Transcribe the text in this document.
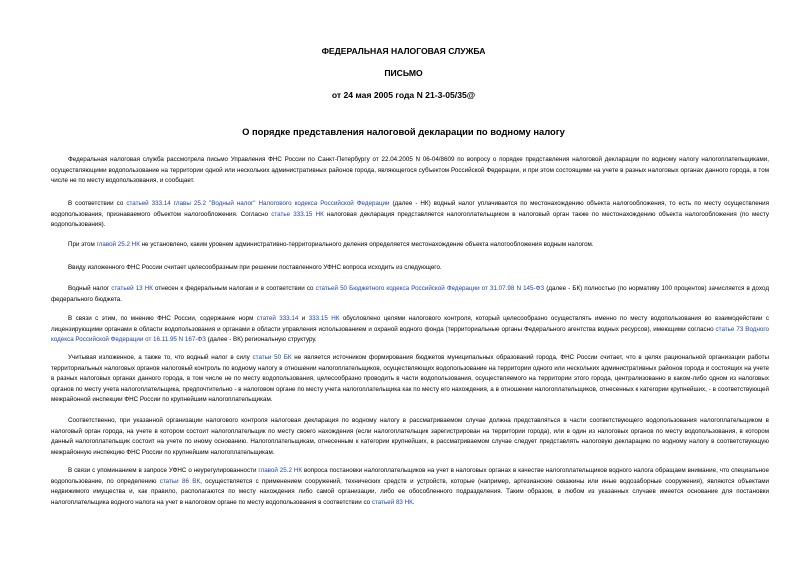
ФЕДЕРАЛЬНАЯ НАЛОГОВАЯ СЛУЖБА
ПИСЬМО
от 24 мая 2005 года N 21-3-05/35@
О порядке представления налоговой декларации по водному налогу
Федеральная налоговая служба рассмотрела письмо Управления ФНС России по Санкт-Петербургу от 22.04.2005 N 06-04/8609 по вопросу о порядке представления налоговой декларации по водному налогу налогоплательщиками, осуществляющими водопользование на территории одной или нескольких административных районов города, являющегося субъектом Российской Федерации, и при этом состоящими на учете в разных налоговых органах данного города, в том числе не по месту водопользования, и сообщает.
В соответствии со статьей 333.14 главы 25.2 "Водный налог" Налогового кодекса Российской Федерации (далее - НК) водный налог уплачивается по местонахождению объекта налогообложения, то есть по месту осуществления водопользования, признаваемого объектом налогообложения. Согласно статье 333.15 НК налоговая декларация представляется налогоплательщиком в налоговый орган также по местонахождению объекта налогообложения (по месту водопользования).
При этом главой 25.2 НК не установлено, каким уровнем административно-территориального деления определяется местонахождение объекта налогообложения водным налогом.
Ввиду изложенного ФНС России считает целесообразным при решении поставленного УФНС вопроса исходить из следующего.
Водный налог статьей 13 НК отнесен к федеральным налогам и в соответствии со статьей 50 Бюджетного кодекса Российской Федерации от 31.07.98 N 145-ФЗ (далее - БК) полностью (по нормативу 100 процентов) зачисляется в доход федерального бюджета.
В связи с этим, по мнению ФНС России, содержание норм статей 333.14 и 333.15 НК обусловлено целями налогового контроля, который целесообразно осуществлять именно по месту водопользования во взаимодействии с лицензирующими органами в области водопользования и органами в области управления использованием и охраной водного фонда (территориальные органы Федерального агентства водных ресурсов), имеющими согласно статье 73 Водного кодекса Российской Федерации от 16.11.95 N 167-ФЗ (далее - ВК) региональную структуру.
Учитывая изложенное, а также то, что водный налог в силу статьи 50 БК не является источником формирования бюджетов муниципальных образований города, ФНС России считает, что в целях рациональной организации работы территориальных налоговых органов налоговый контроль по водному налогу в отношении налогоплательщиков, осуществляющих водопользование на территории одного или нескольких административных районов города и состоящих на учете в разных налоговых органах данного города, в том числе не по месту водопользования, целесообразно проводить в части водопользования, осуществляемого на территории этого города, централизованно в каком-либо одном из налоговых органов по месту учета налогоплательщика, предпочтительно - в налоговом органе по месту учета налогоплательщика как по месту его нахождения, а в отношении налогоплательщиков, отнесенных к категории крупнейших, - в соответствующей межрайонной инспекции ФНС России по крупнейшим налогоплательщикам.
Соответственно, при указанной организации налогового контроля налоговая декларация по водному налогу в рассматриваемом случае должна представляться в части соответствующего водопользования налогоплательщиком в налоговый орган города, на учете в котором состоит налогоплательщик по месту своего нахождения (если налогоплательщик зарегистрирован на территории города), или в один из налоговых органов по месту водопользования, в котором данный налогоплательщик состоит на учете по иному основанию. Налогоплательщикам, отнесенным к категории крупнейших, в рассматриваемом случае следует представлять налоговую декларацию по водному налогу в соответствующую межрайонную инспекцию ФНС России по крупнейшим налогоплательщикам.
В связи с упоминанием в запросе УФНС о неурегулированности главой 25.2 НК вопроса постановки налогоплательщиков на учет в налоговых органах в качестве налогоплательщиков водного налога обращаем внимание, что специальное водопользование, по определению статьи 86 ВК, осуществляется с применением сооружений, технических средств и устройств, которые (например, артезианские скважины или иные водозаборные сооружения), являются объектами недвижимого имущества и, как правило, располагаются по месту нахождения либо самой организации, либо ее обособленного подразделения. Таким образом, в любом из указанных случаев имеется основание для постановки налогоплательщика водного налога на учет в налоговом органе по месту водопользования в соответствии со статьей 83 НК.
